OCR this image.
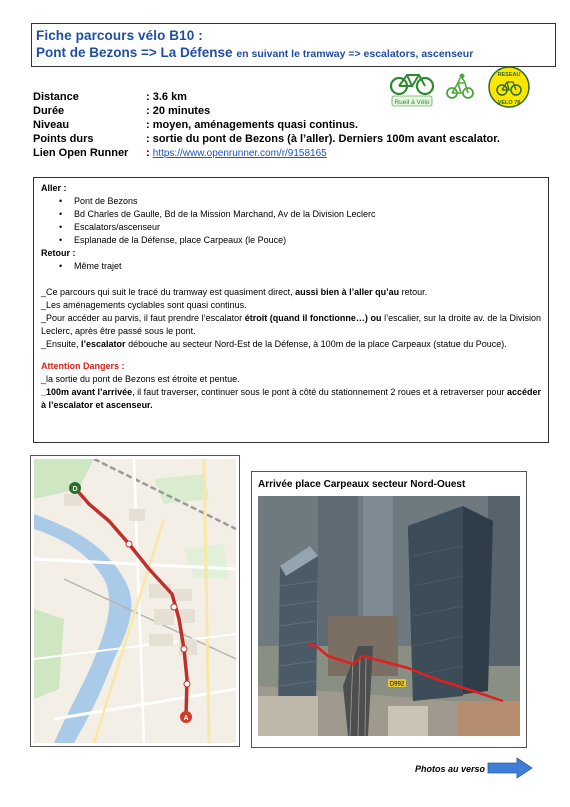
Fiche parcours vélo B10 :
Pont de Bezons => La Défense en suivant le tramway => escalators, ascenseur
Rueil à Vélo
RESEAU
VELO 78
Distance	: 3.6 km
Durée	: 20 minutes
Niveau	: moyen, aménagements quasi continus.
Points durs	: sortie du pont de Bezons (à l’aller). Derniers 100m avant escalator.
Lien Open Runner	: https://www.openrunner.com/r/9158165
Aller :
• Pont de Bezons
• Bd Charles de Gaulle, Bd de la Mission Marchand, Av de la Division Leclerc
• Escalators/ascenseur
• Esplanade de la Défense, place Carpeaux (le Pouce)
Retour :
• Même trajet

_Ce parcours qui suit le tracé du tramway est quasiment direct, aussi bien à l’aller qu’au retour.

_Les aménagements cyclables sont quasi continus.

_Pour accéder au parvis, il faut prendre l’escalator étroit (quand il fonctionne…) ou l’escalier, sur la droite av. de la Division Leclerc, après être passé sous le pont.

_Ensuite, l’escalator débouche au secteur Nord-Est de la Défense, à 100m de la place Carpeaux (statue du Pouce).

Attention Dangers :

_la sortie du pont de Bezons est étroite et pentue.

_100m avant l’arrivée, il faut traverser, continuer sous le pont à côté du stationnement 2 roues et à retraverser pour accéder à l’escalator et ascenseur.

D
A
Arrivée place Carpeaux secteur Nord-Ouest
D992
Photos au verso
